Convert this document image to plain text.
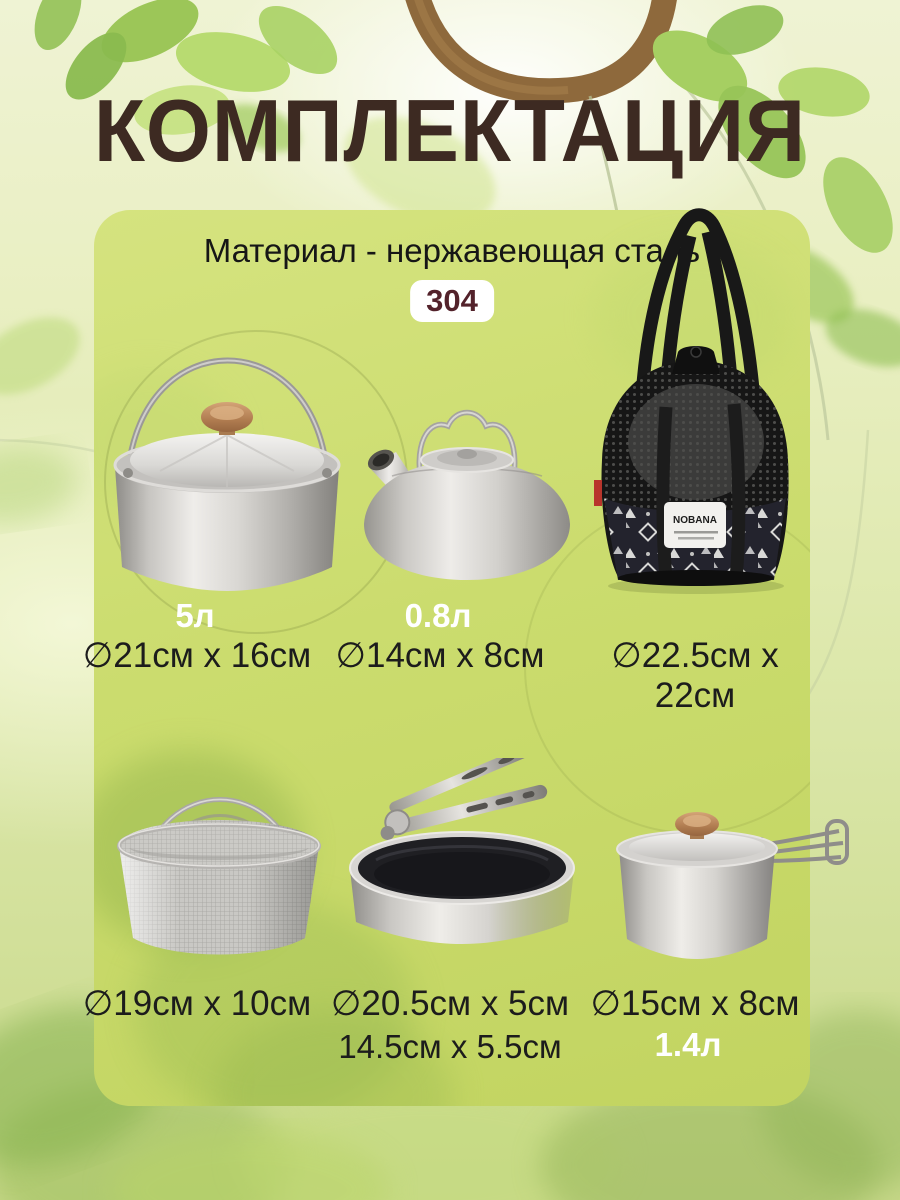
КОМПЛЕКТАЦИЯ
Материал - нержавеющая сталь
304
NOBANA
5л
∅21см x 16см
0.8л
∅14см x 8см	∅22.5см x 22см
∅19см x 10см ∅20.5см x 5см
14.5см x 5.5см
∅15см x 8см
1.4л
